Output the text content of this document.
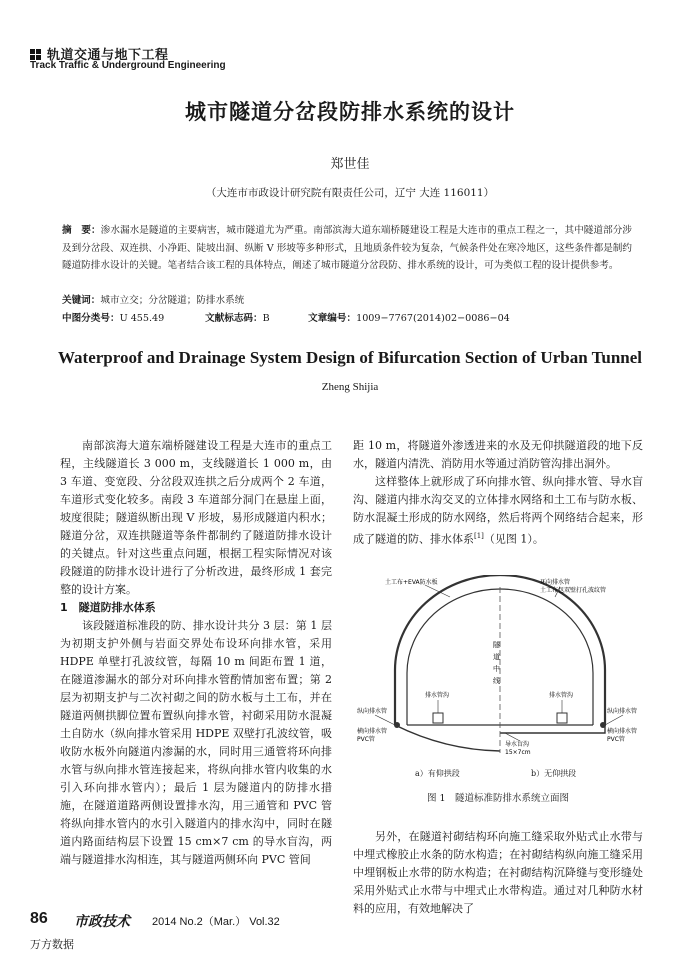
轨道交通与地下工程
Track Traffic & Underground Engineering
城市隧道分岔段防排水系统的设计
郑世佳
（大连市市政设计研究院有限责任公司，辽宁 大连 116011）
摘　要：渗水漏水是隧道的主要病害，城市隧道尤为严重。南部滨海大道东端桥隧建设工程是大连市的重点工程之一，其中隧道部分涉及到分岔段、双连拱、小净距、陡坡出洞、纵断 V 形坡等多种形式，且地质条件较为复杂，气候条件处在寒冷地区，这些条件都是制约隧道防排水设计的关键。笔者结合该工程的具体特点，阐述了城市隧道分岔段防、排水系统的设计，可为类似工程的设计提供参考。
关键词：城市立交；分岔隧道；防排水系统
中图分类号：U 455.49	文献标志码：B	文章编号：1009−7767(2014)02−0086−04
Waterproof and Drainage System Design of Bifurcation Section of Urban Tunnel
Zheng Shijia

南部滨海大道东端桥隧建设工程是大连市的重点工程，主线隧道长 3 000 m，支线隧道长 1 000 m，由 3 车道、变宽段、分岔段双连拱之后分成两个 2 车道，车道形式变化较多。南段 3 车道部分洞门在悬崖上面，坡度很陡；隧道纵断出现 V 形坡，易形成隧道内积水；隧道分岔，双连拱隧道等条件都制约了隧道防排水设计的关键点。针对这些重点问题，根据工程实际情况对该段隧道的防排水设计进行了分析改进，最终形成 1 套完整的设计方案。

1　隧道防排水体系

该段隧道标准段的防、排水设计共分 3 层：第 1 层为初期支护外侧与岩面交界处布设环向排水管，采用 HDPE 单壁打孔波纹管，每隔 10 m 间距布置 1 道，在隧道渗漏水的部分对环向排水管酌情加密布置；第 2 层为初期支护与二次衬砌之间的防水板与土工布，并在隧道两侧拱脚位置布置纵向排水管，衬砌采用防水混凝土自防水（纵向排水管采用 HDPE 双壁打孔波纹管，吸收防水板外向隧道内渗漏的水，同时用三通管将环向排水管与纵向排水管连接起来，将纵向排水管内收集的水引入环向排水管内）；最后 1 层为隧道内的防排水措施，在隧道道路两侧设置排水沟，用三通管和 PVC 管将纵向排水管内的水引入隧道内的排水沟中，同时在隧道内路面结构层下设置 15 cm×7 cm 的导水盲沟，两端与隧道排水沟相连，其与隧道两侧环向 PVC 管间

距 10 m，将隧道外渗透进来的水及无仰拱隧道段的地下反水，隧道内清洗、消防用水等通过消防管沟排出洞外。

这样整体上就形成了环向排水管、纵向排水管、导水盲沟、隧道内排水沟交叉的立体排水网络和土工布与防水板、防水混凝土形成的防水网络，然后将两个网络结合起来，形成了隧道的防、排水体系[1]（见图 1）。

土工布+EVA防水板	环向排水管
土工布包双壁打孔波纹管
隧
道
中
线
排水管沟	排水管沟
纵向排水管	纵向排水管
横向排水管
PVC管
横向排水管
PVC管
导水盲沟
15×7cm
a）有仰拱段	b）无仰拱段
图 1　隧道标准防排水系统立面图

另外，在隧道衬砌结构环向施工缝采取外贴式止水带与中埋式橡胶止水条的防水构造；在衬砌结构纵向施工缝采用中埋钢板止水带的防水构造；在衬砌结构沉降缝与变形缝处采用外贴式止水带与中埋式止水带构造。通过对几种防水材料的应用，有效地解决了

86 市政技术 2014 No.2（Mar.） Vol.32
万方数据
